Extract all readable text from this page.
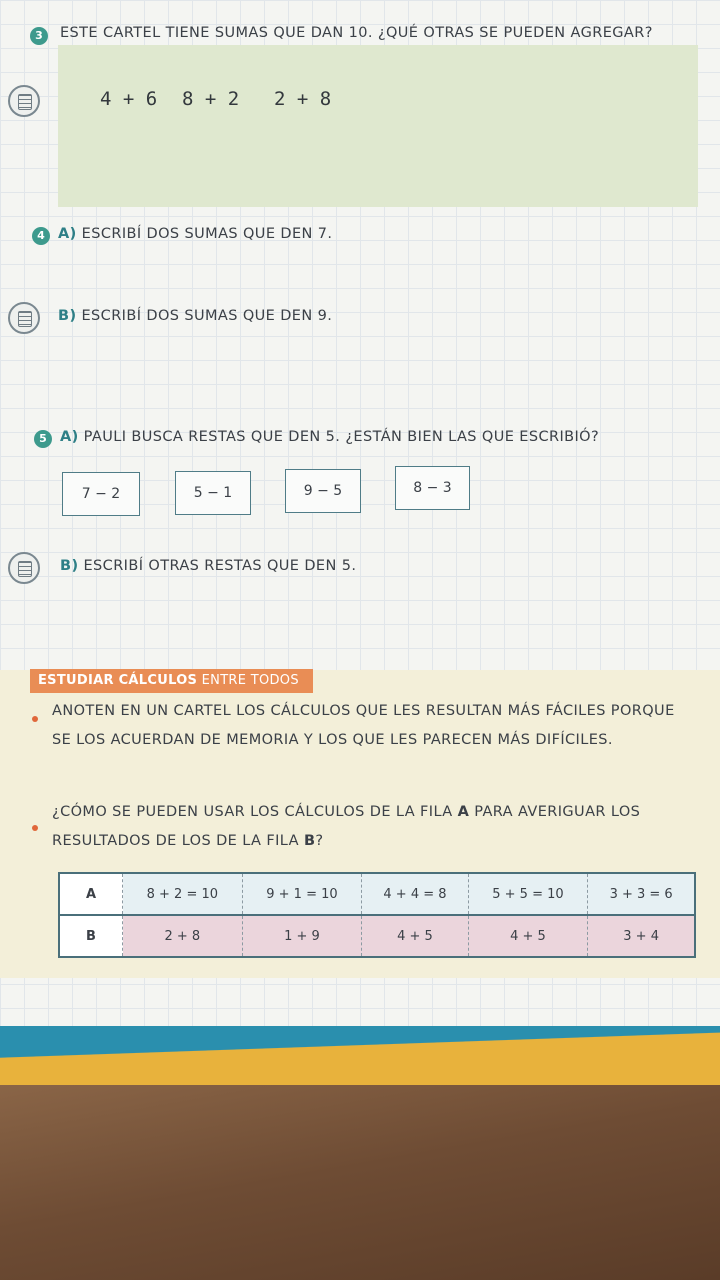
3	ESTE CARTEL TIENE SUMAS QUE DAN 10. ¿QUÉ OTRAS SE PUEDEN AGREGAR?
4 + 6 8 + 2 2 + 8
4 A) ESCRIBÍ DOS SUMAS QUE DEN 7.
B) ESCRIBÍ DOS SUMAS QUE DEN 9.
5 A) PAULI BUSCA RESTAS QUE DEN 5. ¿ESTÁN BIEN LAS QUE ESCRIBIÓ?
7 − 2	5 − 1	9 − 5	8 − 3
B) ESCRIBÍ OTRAS RESTAS QUE DEN 5.
ESTUDIAR CÁLCULOS ENTRE TODOS
ANOTEN EN UN CARTEL LOS CÁLCULOS QUE LES RESULTAN MÁS FÁCILES PORQUE SE LOS ACUERDAN DE MEMORIA Y LOS QUE LES PARECEN MÁS DIFÍCILES.
¿CÓMO SE PUEDEN USAR LOS CÁLCULOS DE LA FILA A PARA AVERIGUAR LOS RESULTADOS DE LOS DE LA FILA B?
A	8 + 2 = 10	9 + 1 = 10	4 + 4 = 8	5 + 5 = 10	3 + 3 = 6
B	2 + 8	1 + 9	4 + 5	4 + 5	3 + 4
